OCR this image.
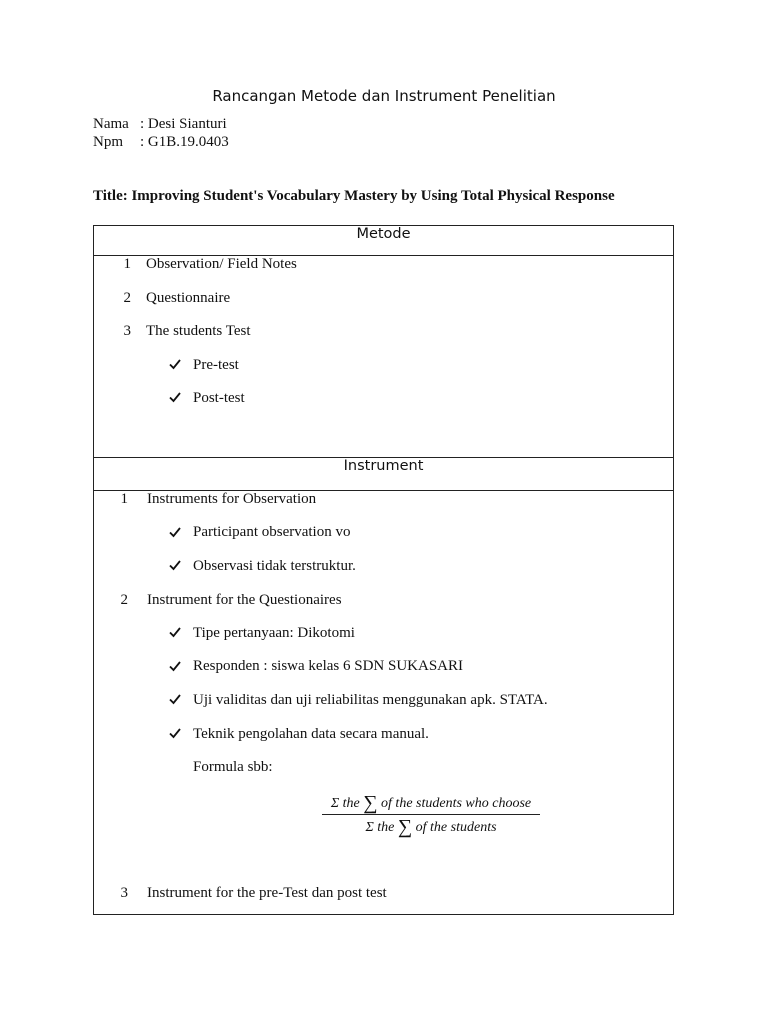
Rancangan Metode dan Instrument Penelitian
Nama : Desi Sianturi
Npm : G1B.19.0403
Title: Improving Student's Vocabulary Mastery by Using Total Physical Response
Metode
1 Observation/ Field Notes
2 Questionnaire
3 The students Test
Pre-test
Post-test
Instrument
1 Instruments for Observation
Participant observation vo
Observasi tidak terstruktur.
2 Instrument for the Questionaires
Tipe pertanyaan: Dikotomi
Responden : siswa kelas 6 SDN SUKASARI
Uji validitas dan uji reliabilitas menggunakan apk. STATA.
Teknik pengolahan data secara manual.
Formula sbb:
Σ the ∑ of the students who choose
Σ the ∑ of the students
3 Instrument for the pre-Test dan post test
